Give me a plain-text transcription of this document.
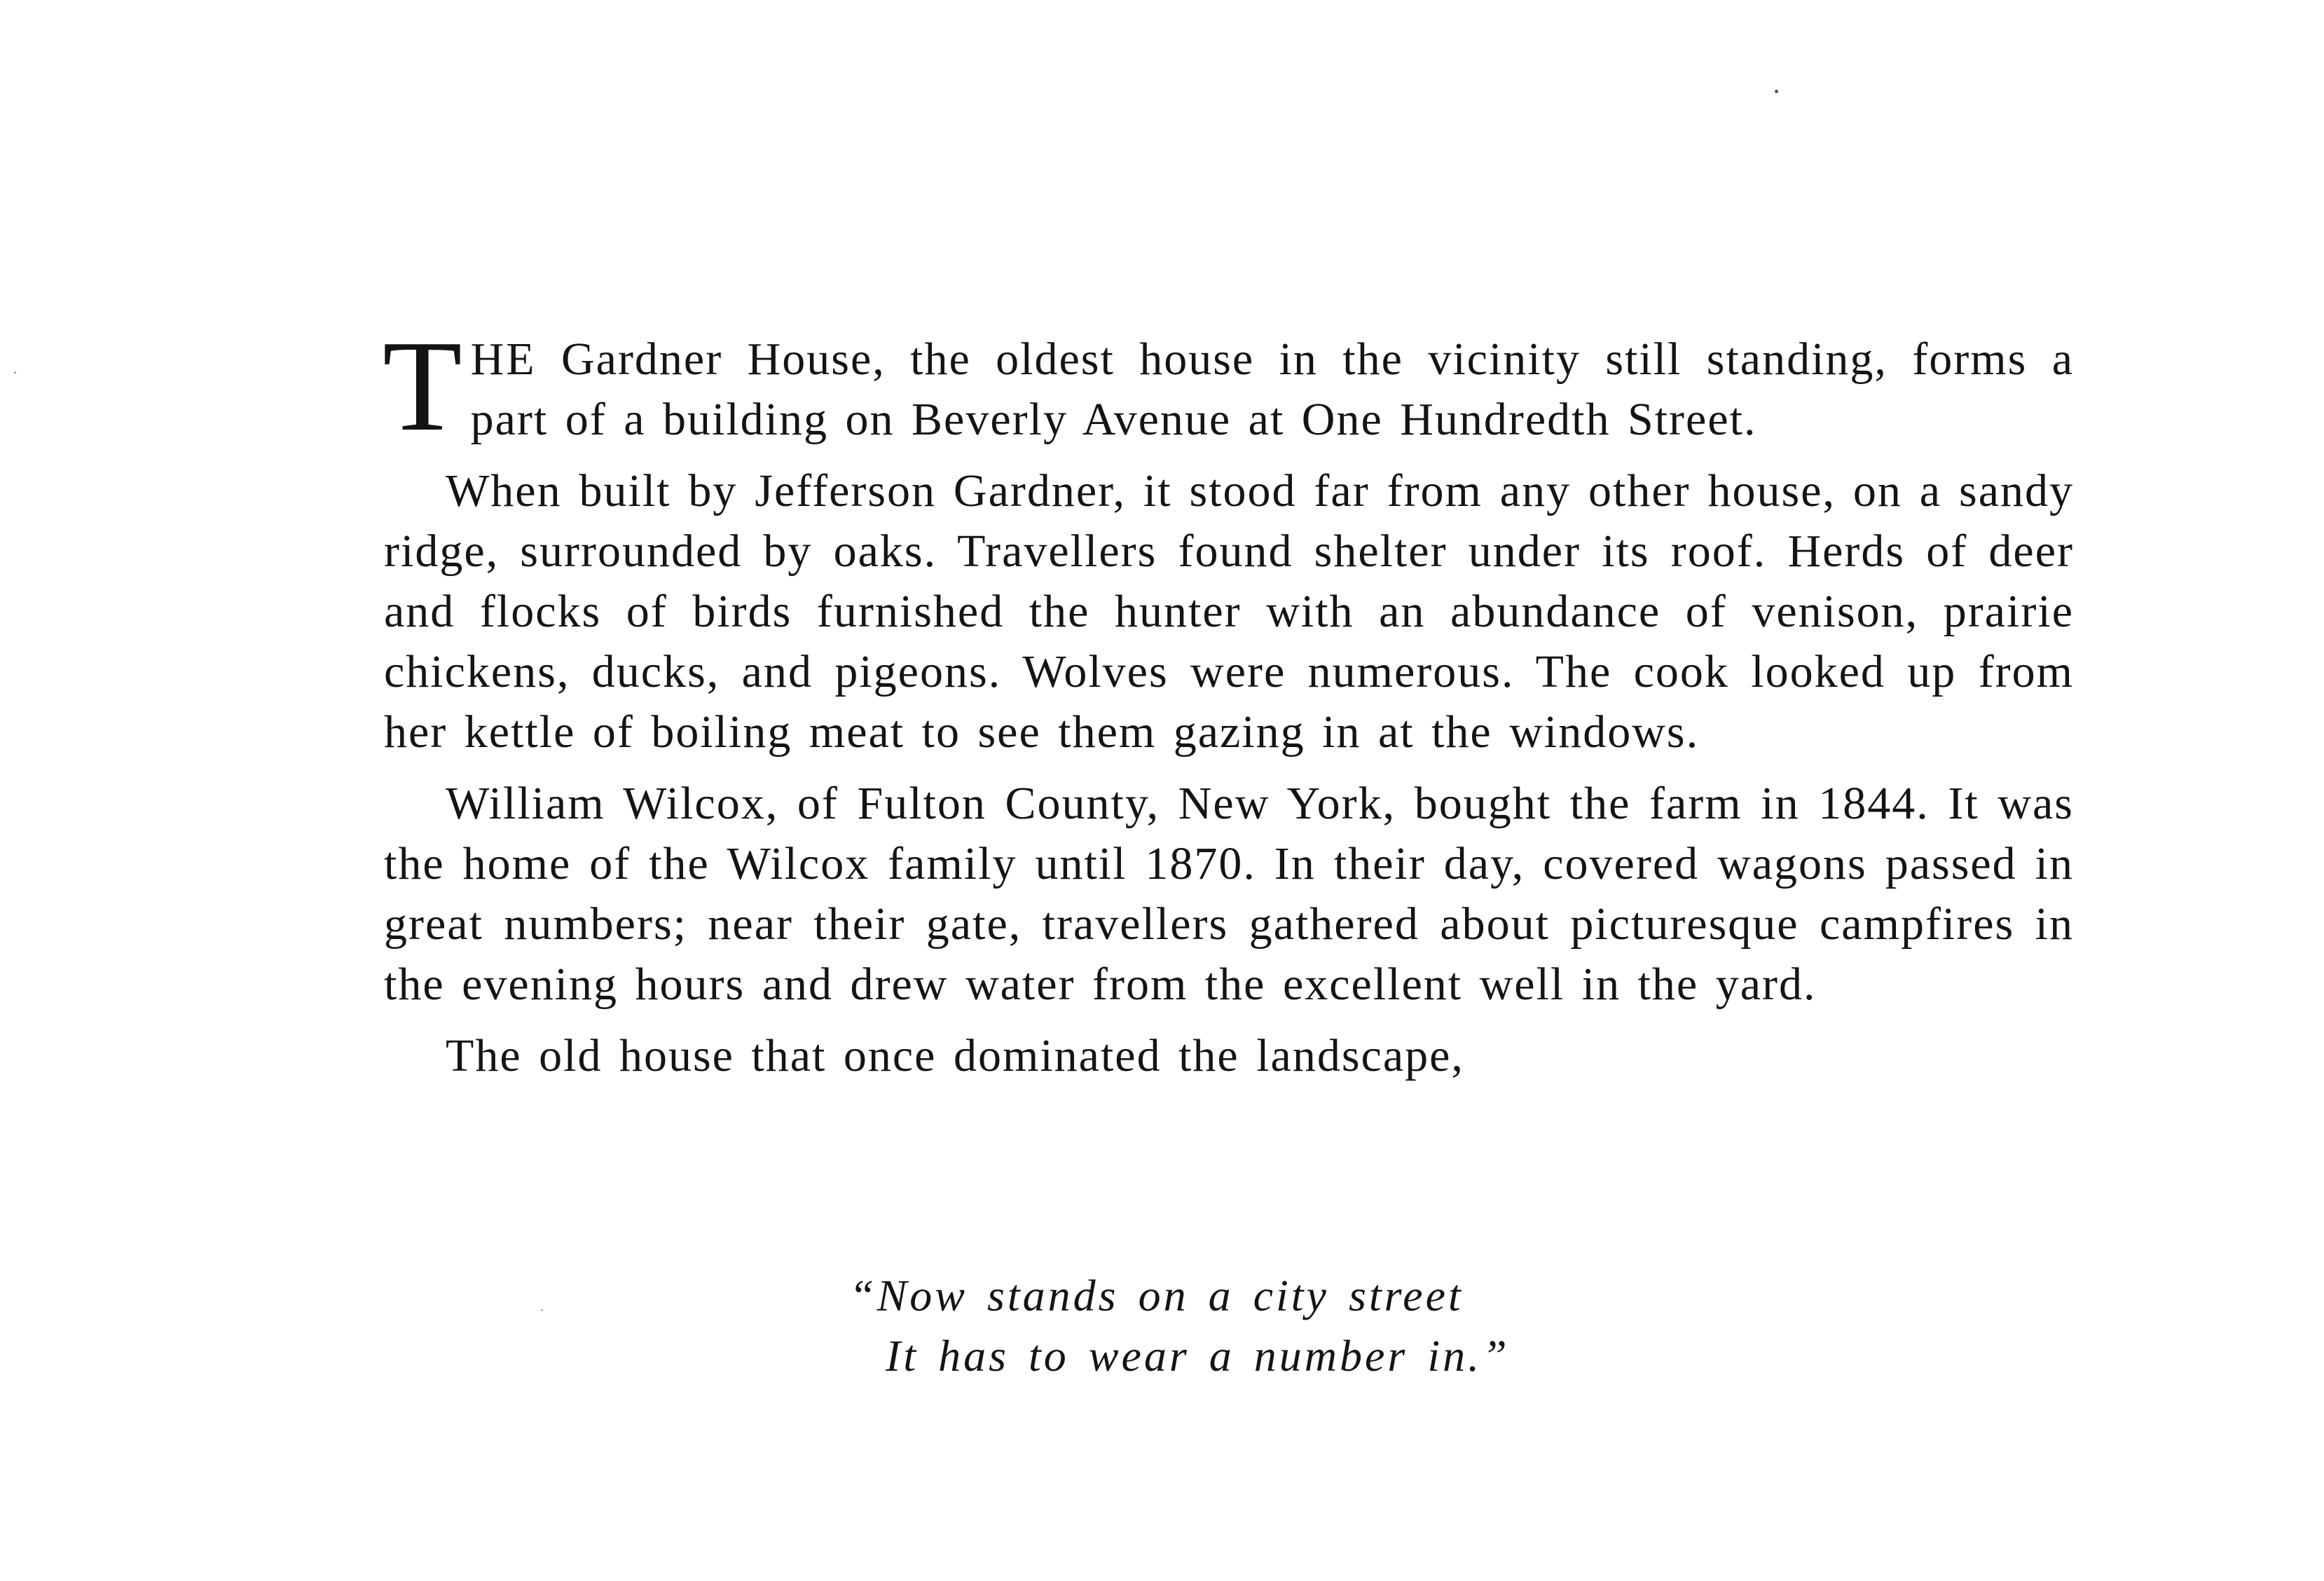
THE Gardner House, the oldest house in the vicinity still standing, forms a part of a building on Beverly Avenue at One Hundredth Street.

When built by Jefferson Gardner, it stood far from any other house, on a sandy ridge, surrounded by oaks. Travellers found shelter under its roof. Herds of deer and flocks of birds furnished the hunter with an abundance of venison, prairie chickens, ducks, and pigeons. Wolves were numerous. The cook looked up from her kettle of boiling meat to see them gazing in at the windows.

William Wilcox, of Fulton County, New York, bought the farm in 1844. It was the home of the Wilcox family until 1870. In their day, covered wagons passed in great numbers; near their gate, travellers gathered about picturesque campfires in the evening hours and drew water from the excellent well in the yard.

The old house that once dominated the landscape,

“Now stands on a city street
It has to wear a number in.”
